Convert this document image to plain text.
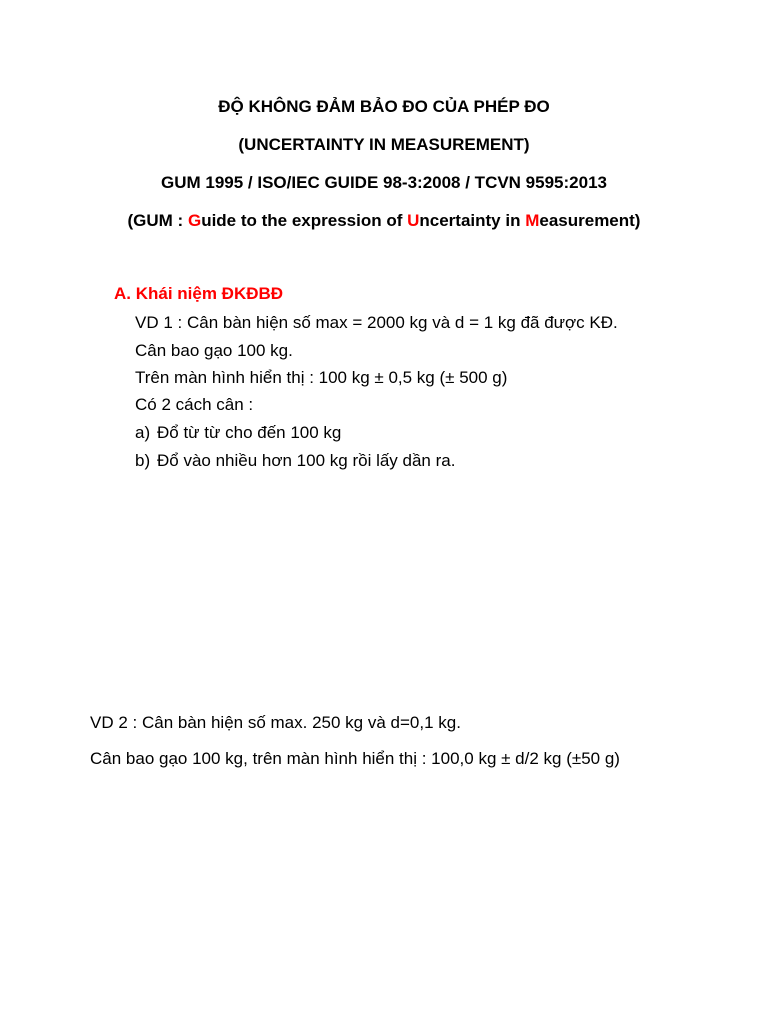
ĐỘ KHÔNG ĐẢM BẢO ĐO CỦA PHÉP ĐO
(UNCERTAINTY IN MEASUREMENT)
GUM 1995 / ISO/IEC GUIDE 98-3:2008 / TCVN 9595:2013
(GUM : Guide to the expression of Uncertainty in Measurement)
A. Khái niệm ĐKĐBĐ
VD 1 : Cân bàn hiện số max = 2000 kg và d = 1 kg đã được KĐ.
Cân bao gạo 100 kg.
Trên màn hình hiển thị : 100 kg ± 0,5 kg (± 500 g)
Có 2 cách cân :
a) Đổ từ từ cho đến 100 kg
b) Đổ vào nhiều hơn 100 kg rồi lấy dần ra.
VD 2 : Cân bàn hiện số max. 250 kg và d=0,1 kg.
Cân bao gạo 100 kg, trên màn hình hiển thị : 100,0 kg ± d/2 kg (±50 g)
